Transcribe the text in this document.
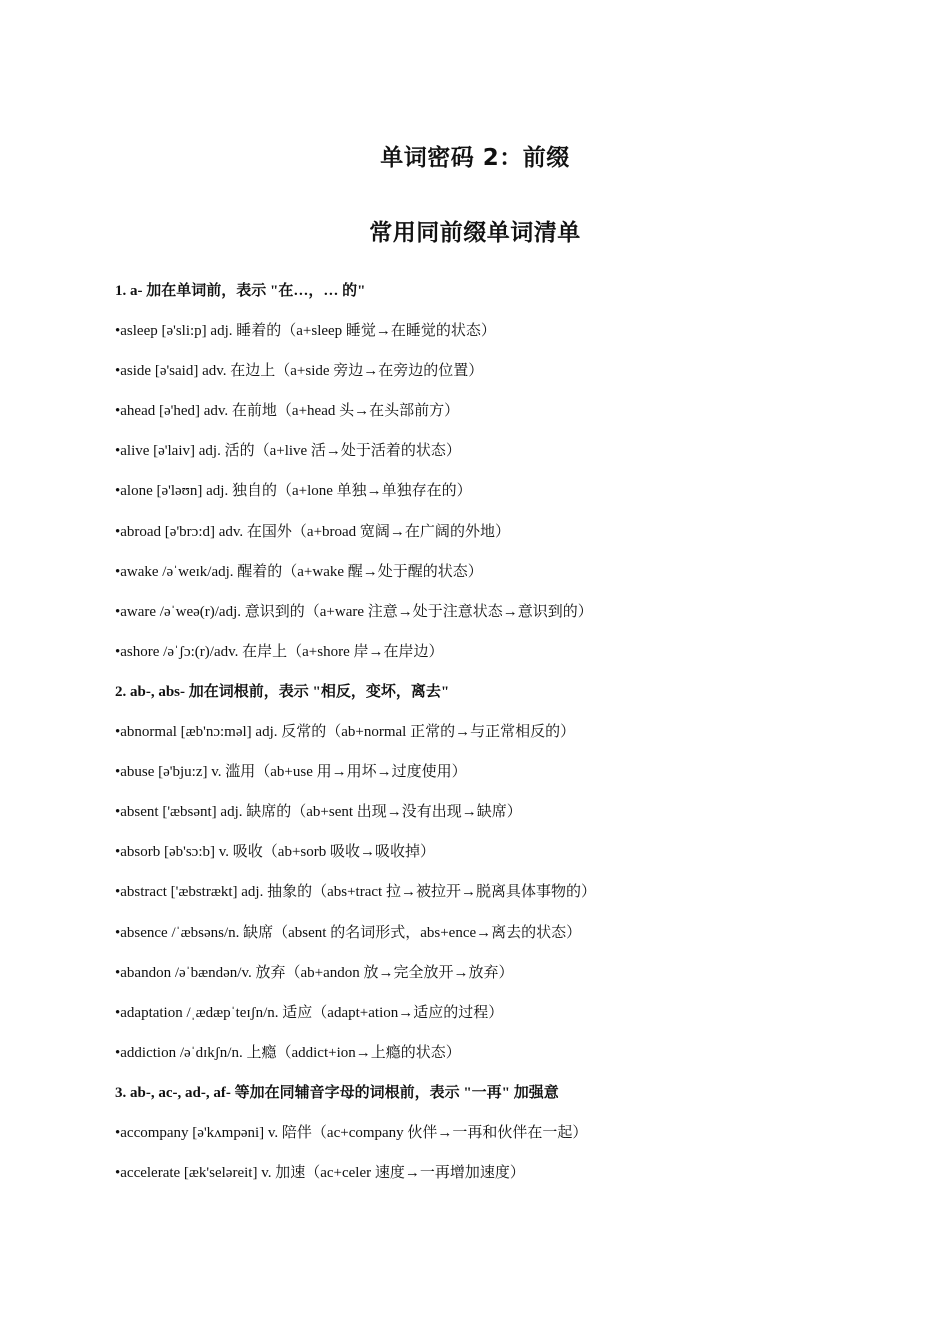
单词密码 2：前缀
常用同前缀单词清单
1. a- 加在单词前，表示 "在…，… 的"
•asleep [ə'sli:p] adj. 睡着的（a+sleep 睡觉→在睡觉的状态）
•aside [ə'said] adv. 在边上（a+side 旁边→在旁边的位置）
•ahead [ə'hed] adv. 在前地（a+head 头→在头部前方）
•alive [ə'laiv] adj. 活的（a+live 活→处于活着的状态）
•alone [ə'ləʊn] adj. 独自的（a+lone 单独→单独存在的）
•abroad [ə'brɔ:d] adv. 在国外（a+broad 宽阔→在广阔的外地）
•awake /əˈweɪk/adj. 醒着的（a+wake 醒→处于醒的状态）
•aware /əˈweə(r)/adj. 意识到的（a+ware 注意→处于注意状态→意识到的）
•ashore /əˈʃɔ:(r)/adv. 在岸上（a+shore 岸→在岸边）
2. ab-, abs- 加在词根前，表示 "相反，变坏，离去"
•abnormal [æb'nɔ:məl] adj. 反常的（ab+normal 正常的→与正常相反的）
•abuse [ə'bju:z] v. 滥用（ab+use 用→用坏→过度使用）
•absent ['æbsənt] adj. 缺席的（ab+sent 出现→没有出现→缺席）
•absorb [əb'sɔ:b] v. 吸收（ab+sorb 吸收→吸收掉）
•abstract ['æbstrækt] adj. 抽象的（abs+tract 拉→被拉开→脱离具体事物的）
•absence /ˈæbsəns/n. 缺席（absent 的名词形式，abs+ence→离去的状态）
•abandon /əˈbændən/v. 放弃（ab+andon 放→完全放开→放弃）
•adaptation /ˌædæpˈteɪʃn/n. 适应（adapt+ation→适应的过程）
•addiction /əˈdɪkʃn/n. 上瘾（addict+ion→上瘾的状态）
3. ab-, ac-, ad-, af- 等加在同辅音字母的词根前，表示 "一再" 加强意
•accompany [ə'kʌmpəni] v. 陪伴（ac+company 伙伴→一再和伙伴在一起）
•accelerate [æk'seləreit] v. 加速（ac+celer 速度→一再增加速度）
